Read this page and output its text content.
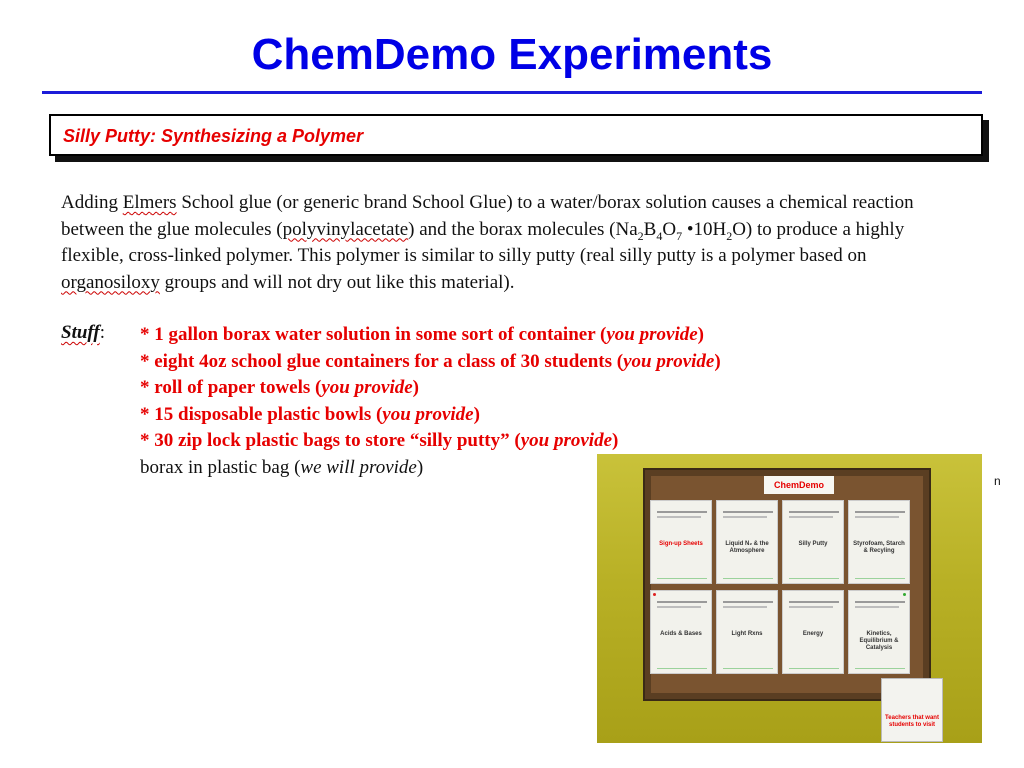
ChemDemo Experiments
Silly Putty: Synthesizing a Polymer
Adding Elmers School glue (or generic brand School Glue) to a water/borax solution causes a chemical reaction between the glue molecules (polyvinylacetate) and the borax molecules ($Na_2B_4O_7$ $•10H_2O$) to produce a highly flexible, cross-linked polymer. This polymer is similar to silly putty (real silly putty is a polymer based on organosiloxy groups and will not dry out like this material).
Stuff: * 1 gallon borax water solution in some sort of container (you provide)
* eight 4oz school glue containers for a class of 30 students (you provide)
* roll of paper towels (you provide)
* 15 disposable plastic bowls (you provide)
* 30 zip lock plastic bags to store “silly putty” (you provide)
borax in plastic bag (we will provide)
n
ChemDemo
Sign-up Sheets	Liquid N₂ & the Atmosphere
Silly Putty	Styrofoam, Starch & Recyling
Acids & Bases	Light Rxns	Energy	Kinetics, Equilibrium & Catalysis
Teachers that want students to visit
